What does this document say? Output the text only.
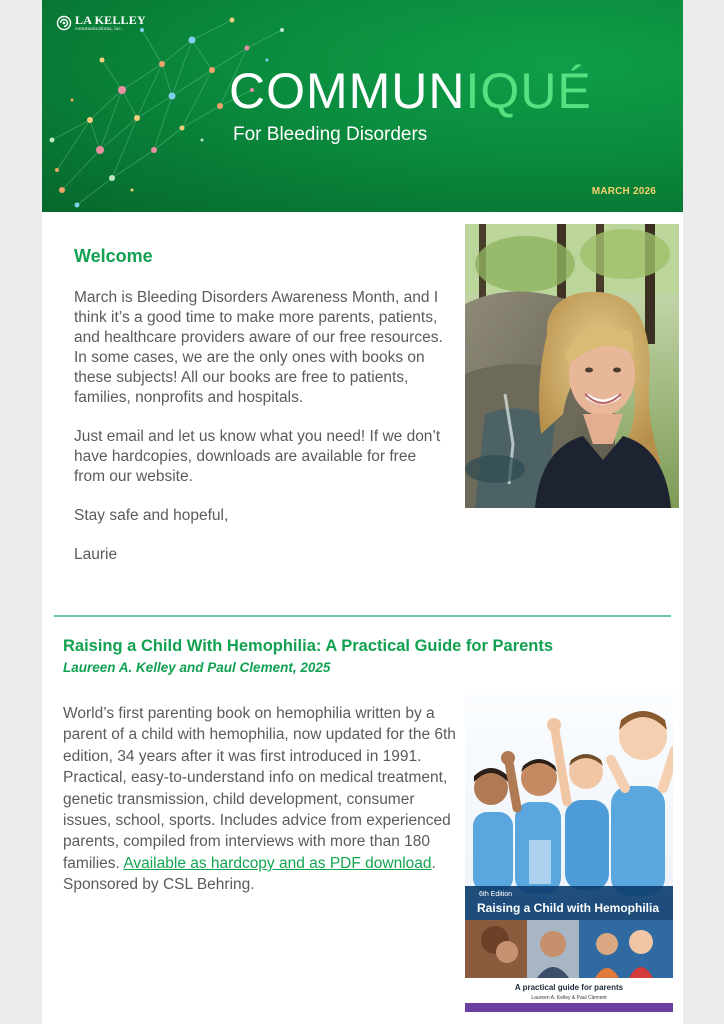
LA KELLEY
communications, inc.
COMMUNIQUÉ
For Bleeding Disorders
MARCH 2026
Welcome

March is Bleeding Disorders Awareness Month, and I think it’s a good time to make more parents, patients, and healthcare providers aware of our free resources. In some cases, we are the only ones with books on these subjects! All our books are free to patients, families, nonprofits and hospitals.

Just email and let us know what you need! If we don’t have hardcopies, downloads are available for free from our website.

Stay safe and hopeful,

Laurie

Raising a Child With Hemophilia: A Practical Guide for Parents
Laureen A. Kelley and Paul Clement, 2025
World’s first parenting book on hemophilia written by a parent of a child with hemophilia, now updated for the 6th edition, 34 years after it was first introduced in 1991. Practical, easy-to-understand info on medical treatment, genetic transmission, child development, consumer issues, school, sports. Includes advice from experienced parents, compiled from interviews with more than 180 families. Available as hardcopy and as PDF download. Sponsored by CSL Behring.
6th Edition
Raising a Child with Hemophilia
A practical guide for parents
Laureen A. Kelley & Paul Clement
